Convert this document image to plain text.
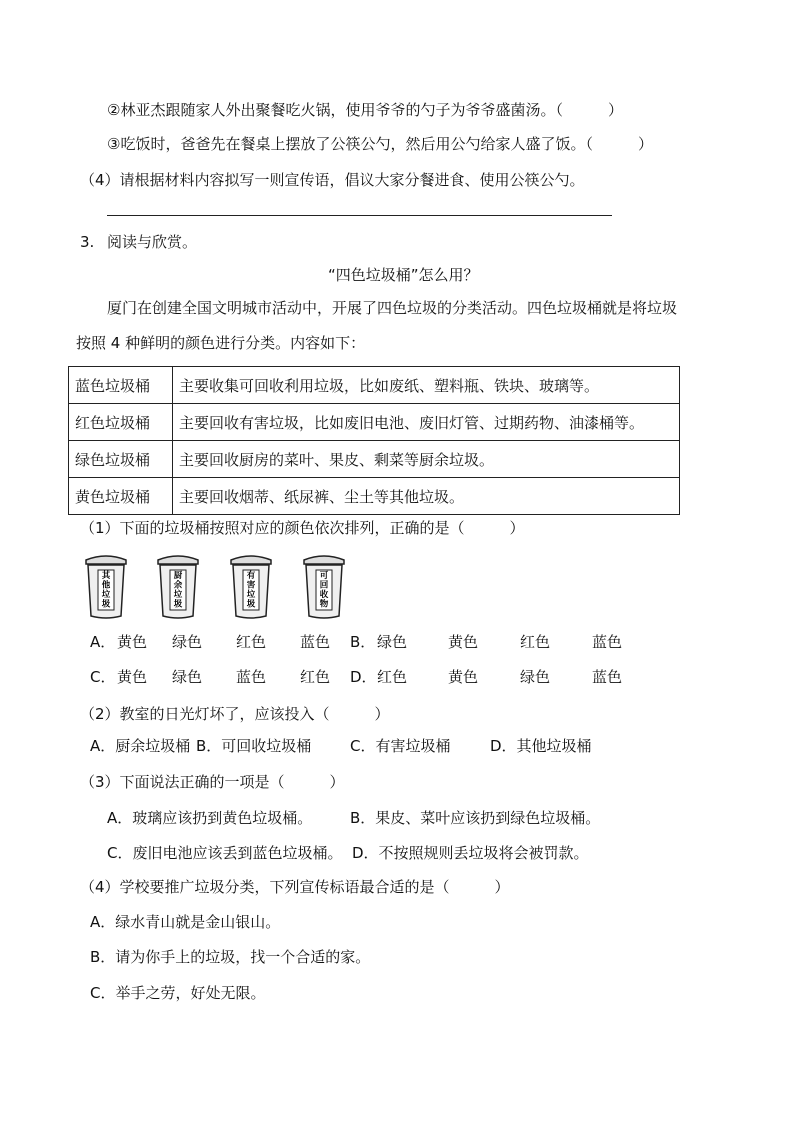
②林亚杰跟随家人外出聚餐吃火锅，使用爷爷的勺子为爷爷盛菌汤。（　　　）
③吃饭时，爸爸先在餐桌上摆放了公筷公勺，然后用公勺给家人盛了饭。（　　　）
（4）请根据材料内容拟写一则宣传语，倡议大家分餐进食、使用公筷公勺。
3. 阅读与欣赏。
“四色垃圾桶”怎么用？
厦门在创建全国文明城市活动中，开展了四色垃圾的分类活动。四色垃圾桶就是将垃圾
按照 4 种鲜明的颜色进行分类。内容如下：
蓝色垃圾桶	主要收集可回收利用垃圾，比如废纸、塑料瓶、铁块、玻璃等。
红色垃圾桶	主要回收有害垃圾，比如废旧电池、废旧灯管、过期药物、油漆桶等。
绿色垃圾桶	主要回收厨房的菜叶、果皮、剩菜等厨余垃圾。
黄色垃圾桶	主要回收烟蒂、纸尿裤、尘土等其他垃圾。
（1）下面的垃圾桶按照对应的颜色依次排列，正确的是（　　　）
其他垃圾
厨余垃圾
有害垃圾
可回收物
A． 黄色 绿色 红色 蓝色 B． 绿色	黄色	红色	蓝色
C． 黄色 绿色 蓝色 红色 D． 红色	黄色	绿色	蓝色
（2）教室的日光灯坏了，应该投入（　　　）
A．厨余垃圾桶 B．可回收垃圾桶	C．有害垃圾桶	D．其他垃圾桶
（3）下面说法正确的一项是（　　　）
A．玻璃应该扔到黄色垃圾桶。	B．果皮、菜叶应该扔到绿色垃圾桶。
C．废旧电池应该丢到蓝色垃圾桶。 D．不按照规则丢垃圾将会被罚款。
（4）学校要推广垃圾分类，下列宣传标语最合适的是（　　　）
A．绿水青山就是金山银山。
B．请为你手上的垃圾，找一个合适的家。
C．举手之劳，好处无限。
